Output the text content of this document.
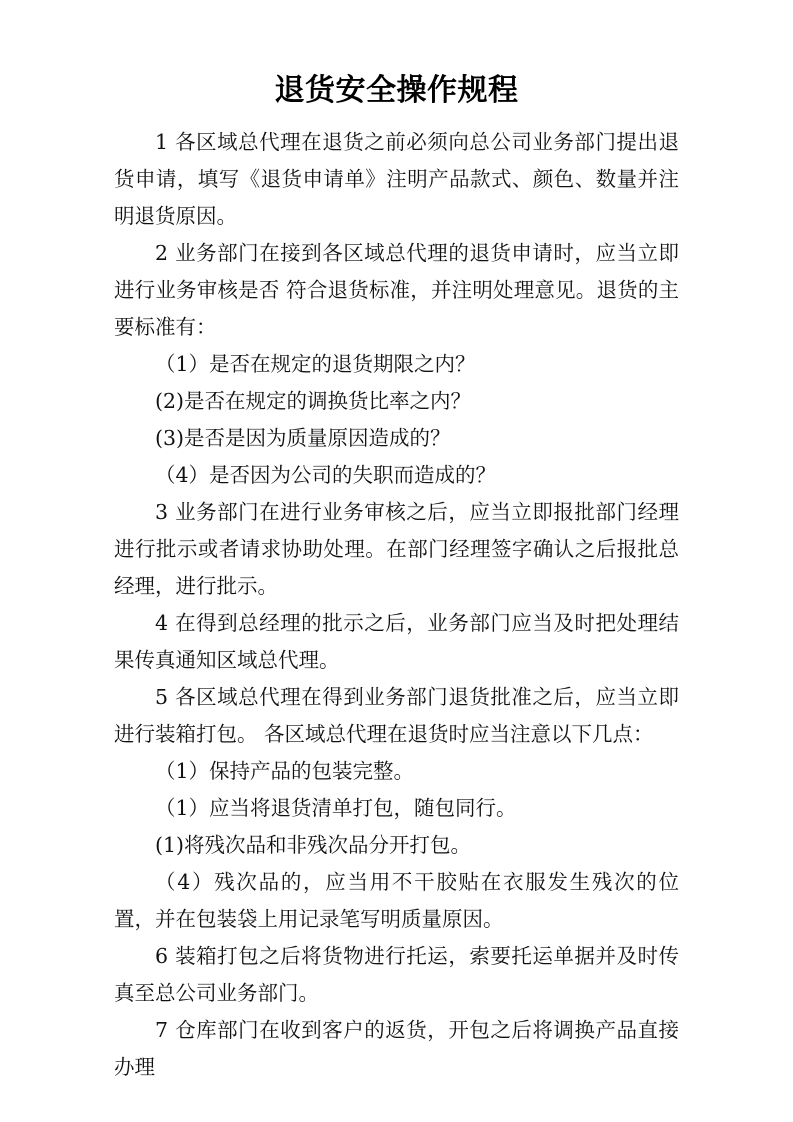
退货安全操作规程

1 各区域总代理在退货之前必须向总公司业务部门提出退货申请，填写《退货申请单》注明产品款式、颜色、数量并注明退货原因。

2 业务部门在接到各区域总代理的退货申请时，应当立即进行业务审核是否 符合退货标准，并注明处理意见。退货的主要标准有：

（1）是否在规定的退货期限之内？

(2)是否在规定的调换货比率之内？

(3)是否是因为质量原因造成的？

（4）是否因为公司的失职而造成的？

3 业务部门在进行业务审核之后，应当立即报批部门经理进行批示或者请求协助处理。在部门经理签字确认之后报批总经理，进行批示。

4 在得到总经理的批示之后，业务部门应当及时把处理结果传真通知区域总代理。

5 各区域总代理在得到业务部门退货批准之后，应当立即进行装箱打包。 各区域总代理在退货时应当注意以下几点：

（1）保持产品的包装完整。

（1）应当将退货清单打包，随包同行。

(1)将残次品和非残次品分开打包。

（4）残次品的，应当用不干胶贴在衣服发生残次的位置，并在包装袋上用记录笔写明质量原因。

6 装箱打包之后将货物进行托运，索要托运单据并及时传真至总公司业务部门。

7 仓库部门在收到客户的返货，开包之后将调换产品直接办理
